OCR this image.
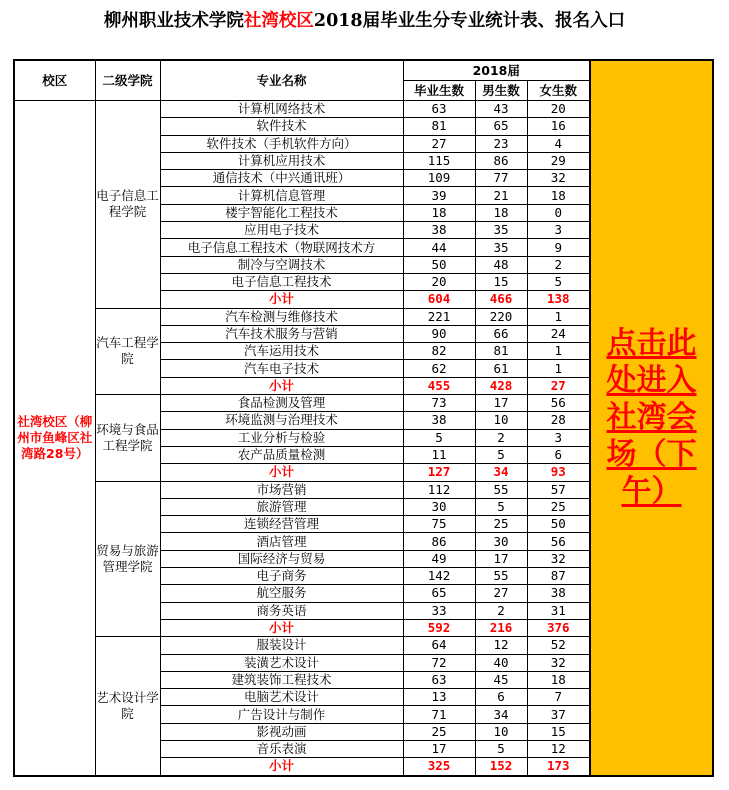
柳州职业技术学院社湾校区2018届毕业生分专业统计表、报名入口
校区	二级学院	专业名称	2018届			点击此处进入社湾会场（下午）
			毕业生数	男生数	女生数	
社湾校区（柳州市鱼峰区社湾路28号）	电子信息工程学院	计算机网络技术	63	43	20	
		软件技术	81	65	16	
		软件技术（手机软件方向）	27	23	4	
		计算机应用技术	115	86	29	
		通信技术（中兴通讯班）	109	77	32	
		计算机信息管理	39	21	18	
		楼宇智能化工程技术	18	18	0	
		应用电子技术	38	35	3	
		电子信息工程技术（物联网技术方	44	35	9	
		制冷与空调技术	50	48	2	
		电子信息工程技术	20	15	5	
		小计	604	466	138	
	汽车工程学院	汽车检测与维修技术	221	220	1	
		汽车技术服务与营销	90	66	24	
		汽车运用技术	82	81	1	
		汽车电子技术	62	61	1	
		小计	455	428	27	
	环境与食品工程学院	食品检测及管理	73	17	56	
		环境监测与治理技术	38	10	28	
		工业分析与检验	5	2	3	
		农产品质量检测	11	5	6	
		小计	127	34	93	
	贸易与旅游管理学院	市场营销	112	55	57	
		旅游管理	30	5	25	
		连锁经营管理	75	25	50	
		酒店管理	86	30	56	
		国际经济与贸易	49	17	32	
		电子商务	142	55	87	
		航空服务	65	27	38	
		商务英语	33	2	31	
		小计	592	216	376	
	艺术设计学院	服装设计	64	12	52	
		装潢艺术设计	72	40	32	
		建筑装饰工程技术	63	45	18	
		电脑艺术设计	13	6	7	
		广告设计与制作	71	34	37	
		影视动画	25	10	15	
		音乐表演	17	5	12	
		小计	325	152	173	
